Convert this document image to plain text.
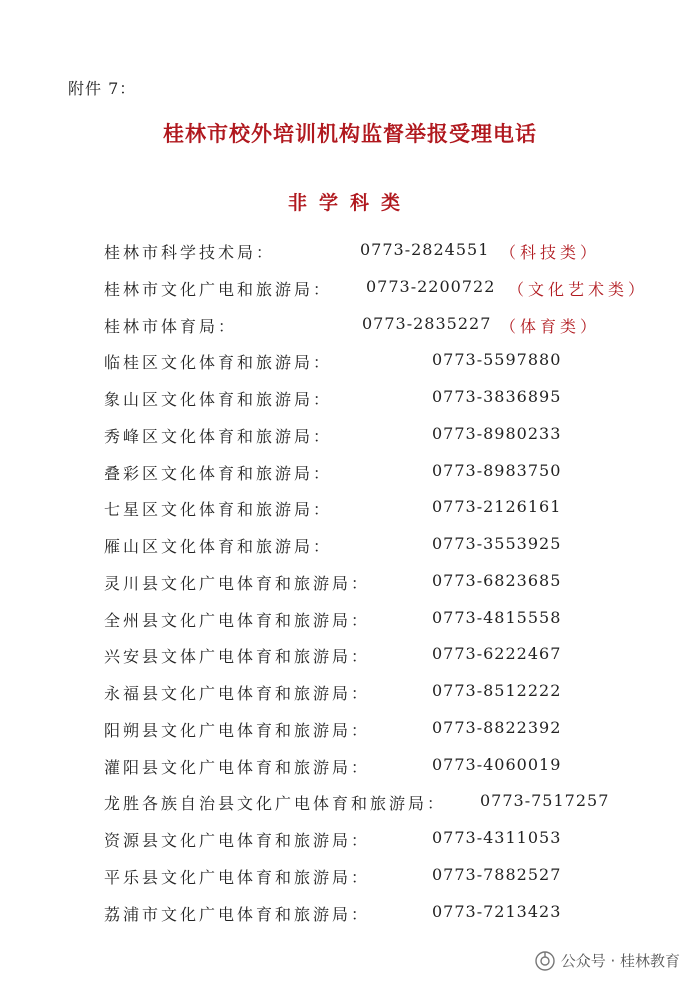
附件 7：
桂林市校外培训机构监督举报受理电话
非学科类
桂林市科学技术局：	0773-2824551 （科技类）
桂林市文化广电和旅游局： 0773-2200722 （文化艺术类）
桂林市体育局：	0773-2835227 （体育类）
临桂区文化体育和旅游局：	0773-5597880
象山区文化体育和旅游局：	0773-3836895
秀峰区文化体育和旅游局：	0773-8980233
叠彩区文化体育和旅游局：	0773-8983750
七星区文化体育和旅游局：	0773-2126161
雁山区文化体育和旅游局：	0773-3553925
灵川县文化广电体育和旅游局：	0773-6823685
全州县文化广电体育和旅游局：	0773-4815558
兴安县文体广电体育和旅游局：	0773-6222467
永福县文化广电体育和旅游局：	0773-8512222
阳朔县文化广电体育和旅游局：	0773-8822392
灌阳县文化广电体育和旅游局：	0773-4060019
龙胜各族自治县文化广电体育和旅游局： 0773-7517257
资源县文化广电体育和旅游局：	0773-4311053
平乐县文化广电体育和旅游局：	0773-7882527
荔浦市文化广电体育和旅游局：	0773-7213423
公众号 · 桂林教育
